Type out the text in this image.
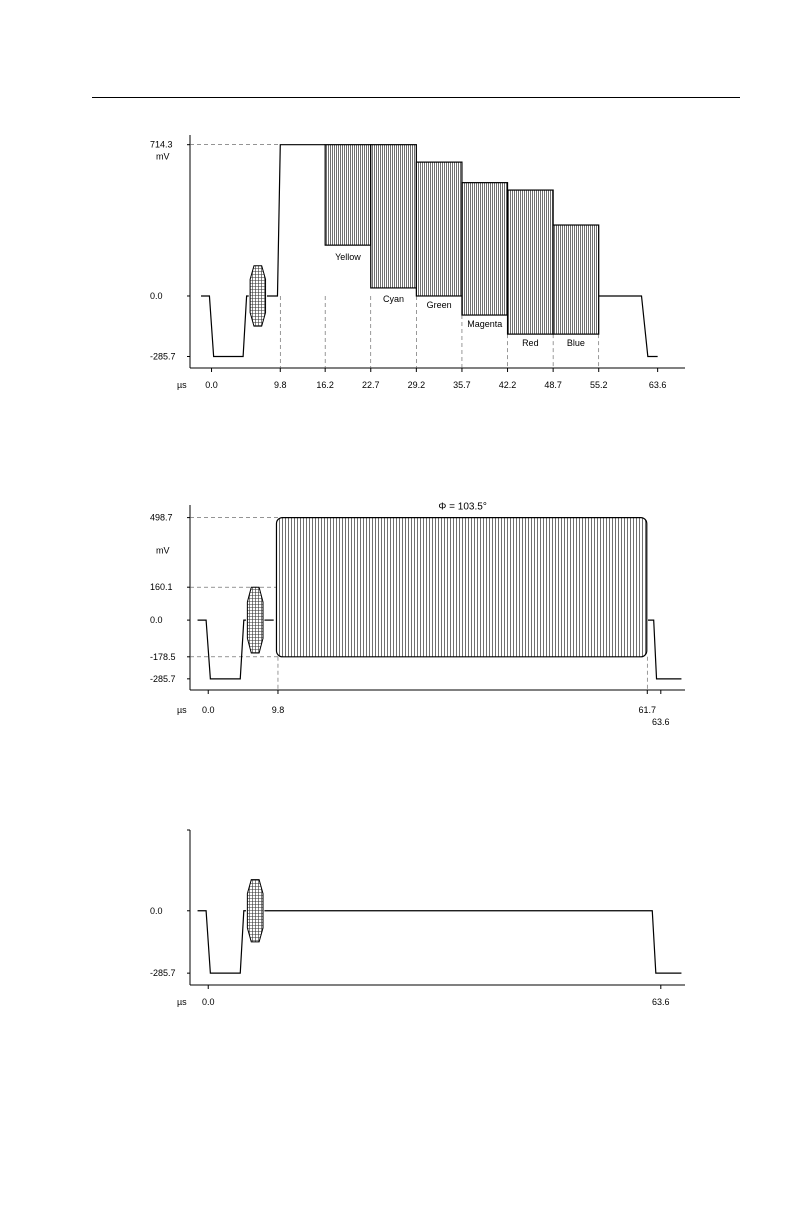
714.3
0.0
-285.7
mV
µs 0.0	9.8	16.2	22.7	29.2	35.7	42.2	48.7	55.2	63.6
Yellow
Cyan
Green
Magenta
Red	Blue
498.7
160.1
0.0
-178.5
-285.7
mV
µs 0.0	9.8	61.7
63.6
Φ = 103.5°
0.0
-285.7
µs 0.0	63.6
